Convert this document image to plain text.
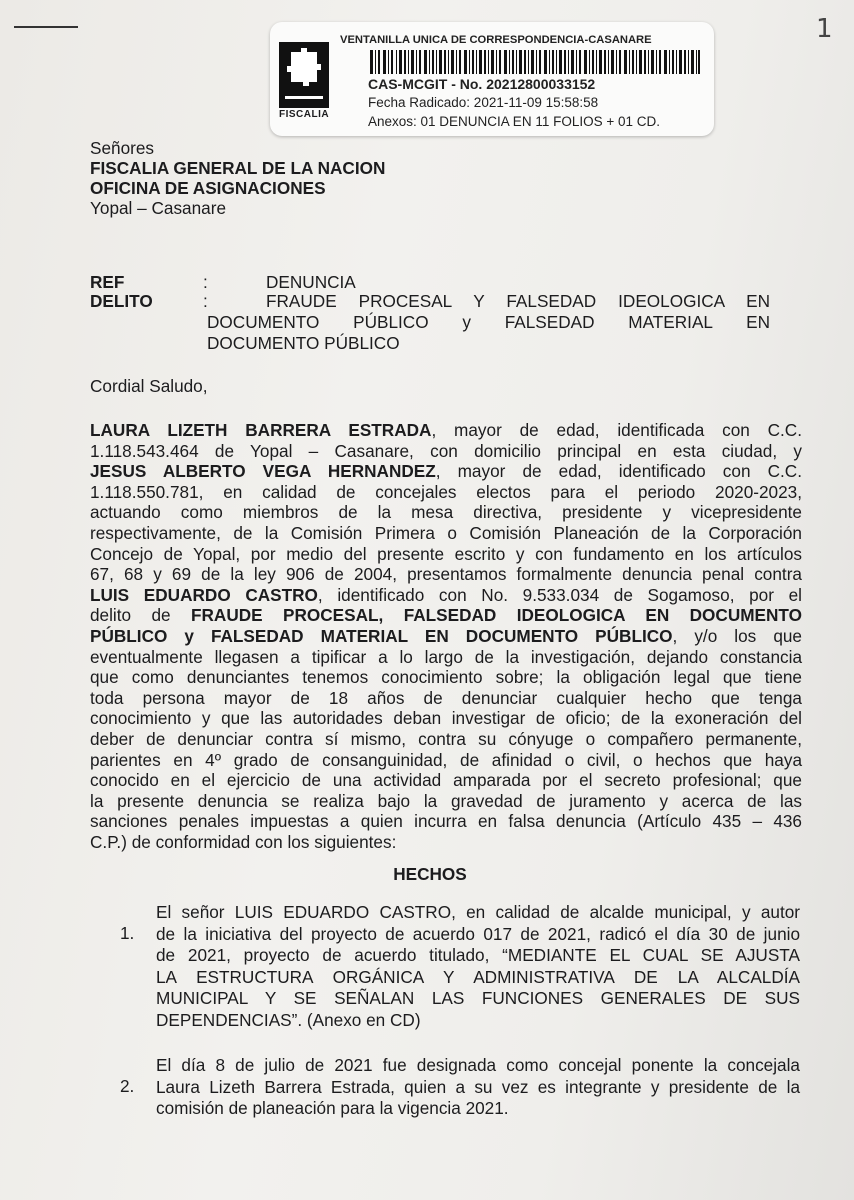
1
FISCALIA
VENTANILLA UNICA DE CORRESPONDENCIA-CASANARE
CAS-MCGIT - No. 20212800033152
Fecha Radicado: 2021-11-09 15:58:58
Anexos: 01 DENUNCIA EN 11 FOLIOS + 01 CD.
Señores
FISCALIA GENERAL DE LA NACION
OFICINA DE ASIGNACIONES
Yopal – Casanare
REF	:	DENUNCIA
DELITO	:	FRAUDE PROCESAL Y FALSEDAD IDEOLOGICA EN
DOCUMENTO PÚBLICO y FALSEDAD MATERIAL EN
DOCUMENTO PÚBLICO
Cordial Saludo,
LAURA LIZETH BARRERA ESTRADA, mayor de edad, identificada con C.C.
1.118.543.464 de Yopal – Casanare, con domicilio principal en esta ciudad, y
JESUS ALBERTO VEGA HERNANDEZ, mayor de edad, identificado con C.C.
1.118.550.781, en calidad de concejales electos para el periodo 2020-2023,
actuando como miembros de la mesa directiva, presidente y vicepresidente
respectivamente, de la Comisión Primera o Comisión Planeación de la Corporación
Concejo de Yopal, por medio del presente escrito y con fundamento en los artículos
67, 68 y 69 de la ley 906 de 2004, presentamos formalmente denuncia penal contra
LUIS EDUARDO CASTRO, identificado con No. 9.533.034 de Sogamoso, por el
delito de FRAUDE PROCESAL, FALSEDAD IDEOLOGICA EN DOCUMENTO
PÚBLICO y FALSEDAD MATERIAL EN DOCUMENTO PÚBLICO, y/o los que
eventualmente llegasen a tipificar a lo largo de la investigación, dejando constancia
que como denunciantes tenemos conocimiento sobre; la obligación legal que tiene
toda persona mayor de 18 años de denunciar cualquier hecho que tenga
conocimiento y que las autoridades deban investigar de oficio; de la exoneración del
deber de denunciar contra sí mismo, contra su cónyuge o compañero permanente,
parientes en 4º grado de consanguinidad, de afinidad o civil, o hechos que haya
conocido en el ejercicio de una actividad amparada por el secreto profesional; que
la presente denuncia se realiza bajo la gravedad de juramento y acerca de las
sanciones penales impuestas a quien incurra en falsa denuncia (Artículo 435 – 436
C.P.) de conformidad con los siguientes:
HECHOS
1.
El señor LUIS EDUARDO CASTRO, en calidad de alcalde municipal, y autor
de la iniciativa del proyecto de acuerdo 017 de 2021, radicó el día 30 de junio
de 2021, proyecto de acuerdo titulado, “MEDIANTE EL CUAL SE AJUSTA
LA ESTRUCTURA ORGÁNICA Y ADMINISTRATIVA DE LA ALCALDÍA
MUNICIPAL Y SE SEÑALAN LAS FUNCIONES GENERALES DE SUS
DEPENDENCIAS”. (Anexo en CD)
2.
El día 8 de julio de 2021 fue designada como concejal ponente la concejala
Laura Lizeth Barrera Estrada, quien a su vez es integrante y presidente de la
comisión de planeación para la vigencia 2021.
